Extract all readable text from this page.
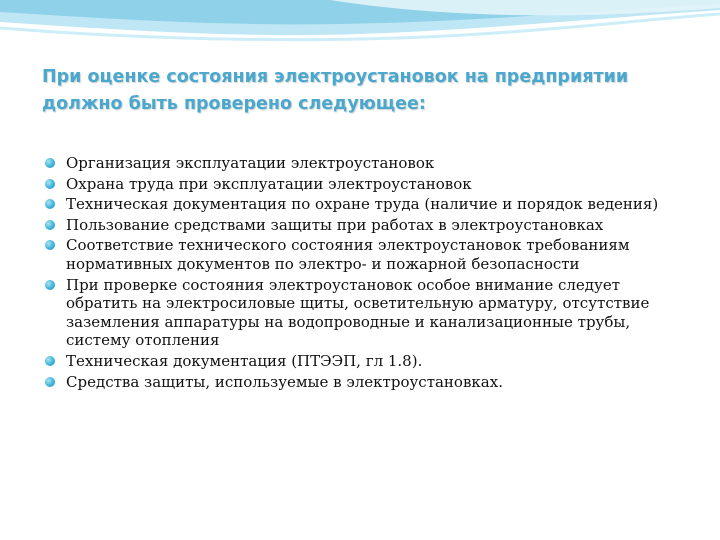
При оценке состояния электроустановок на предприятии
должно быть проверено следующее:
Организация эксплуатации электроустановок
Охрана труда при эксплуатации электроустановок
Техническая документация по охране труда (наличие и порядок ведения)
Пользование средствами защиты при работах в электроустановках
Соответствие технического состояния электроустановок требованиям нормативных документов по электро- и пожарной безопасности
При проверке состояния электроустановок особое внимание следует обратить на электросиловые щиты, осветительную арматуру, отсутствие заземления аппаратуры на водопроводные и канализационные трубы, систему отопления
Техническая документация (ПТЭЭП, гл 1.8).
Средства защиты, используемые в электроустановках.
